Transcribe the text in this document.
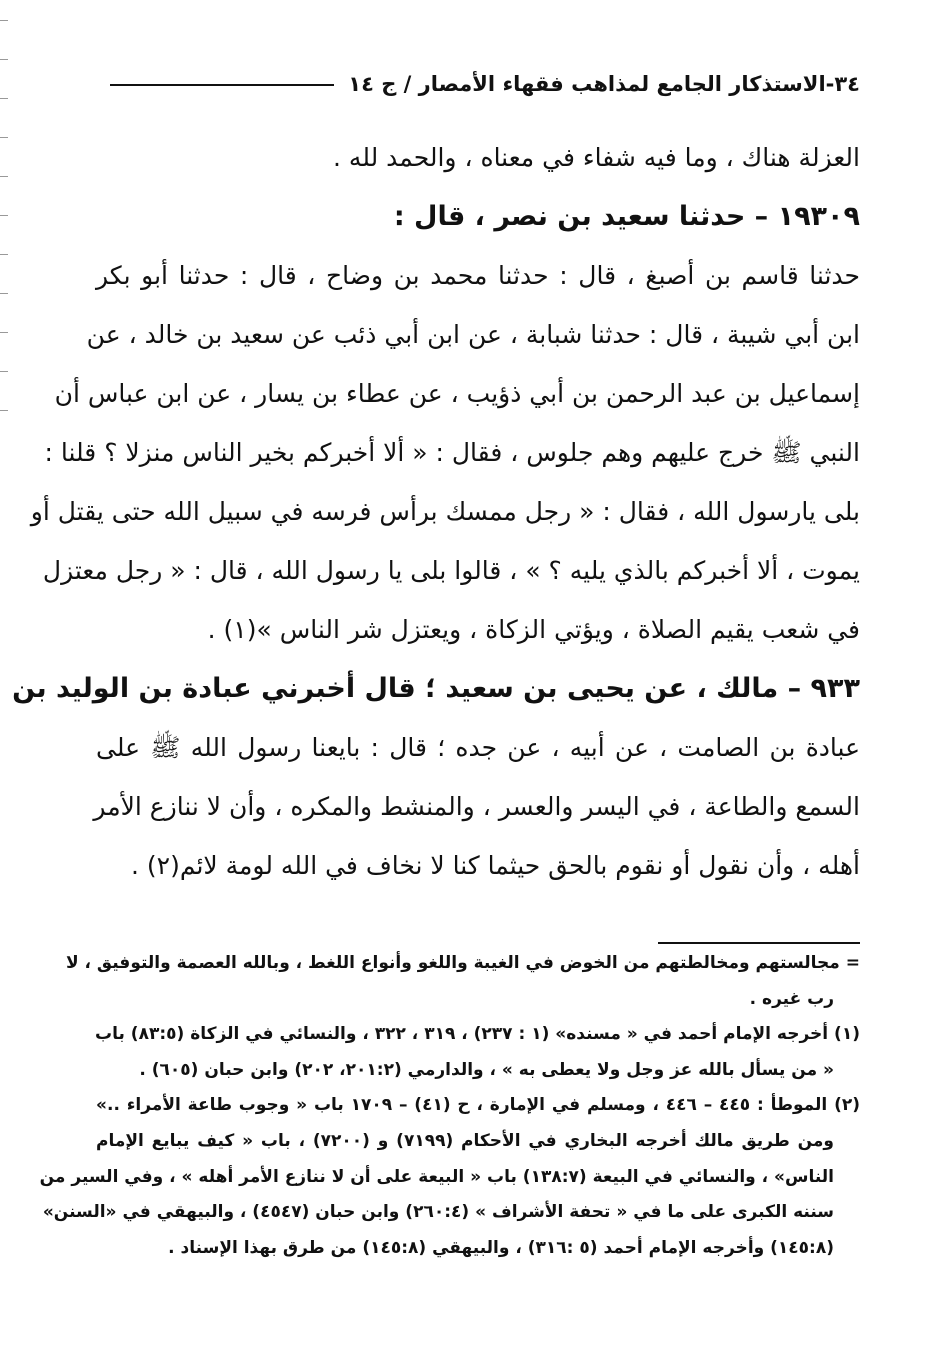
٣٤
-
الاستذكار الجامع لمذاهب فقهاء الأمصار / ج ١٤
العزلة هناك ، وما فيه شفاء في معناه ، والحمد لله .
١٩٣٠٩ – حدثنا سعيد بن نصر ، قال :
حدثنا قاسم بن أصبغ ، قال : حدثنا محمد بن وضاح ، قال : حدثنا أبو بكر
ابن أبي شيبة ، قال : حدثنا شبابة ، عن ابن أبي ذئب عن سعيد بن خالد ، عن
إسماعيل بن عبد الرحمن بن أبي ذؤيب ، عن عطاء بن يسار ، عن ابن عباس أن
النبي ﷺ خرج عليهم وهم جلوس ، فقال : « ألا أخبركم بخير الناس منزلا ؟ قلنا :
بلى يارسول الله ، فقال : « رجل ممسك برأس فرسه في سبيل الله حتى يقتل أو
يموت ، ألا أخبركم بالذي يليه ؟ » ، قالوا بلى يا رسول الله ، قال : « رجل معتزل
في شعب يقيم الصلاة ، ويؤتي الزكاة ، ويعتزل شر الناس »(١) .
٩٣٣ – مالك ، عن يحيى بن سعيد ؛ قال أخبرني عبادة بن الوليد بن
عبادة بن الصامت ، عن أبيه ، عن جده ؛ قال : بايعنا رسول الله ﷺ على
السمع والطاعة ، في اليسر والعسر ، والمنشط والمكره ، وأن لا ننازع الأمر
أهله ، وأن نقول أو نقوم بالحق حيثما كنا لا نخاف في الله لومة لائم(٢) .
= مجالستهم ومخالطتهم من الخوض في الغيبة واللغو وأنواع اللغط ، وبالله العصمة والتوفيق ، لا
رب غيره .
(١) أخرجه الإمام أحمد في « مسنده» (١ : ٢٣٧) ، ٣١٩ ، ٣٢٢ ، والنسائي في الزكاة (٨٣:٥) باب
« من يسأل بالله عز وجل ولا يعطى به » ، والدارمي (٢٠١:٢، ٢٠٢) وابن حبان (٦٠٥) .
(٢) الموطأ : ٤٤٥ – ٤٤٦ ، ومسلم في الإمارة ، ح (٤١) – ١٧٠٩ باب « وجوب طاعة الأمراء ..»
ومن طريق مالك أخرجه البخاري في الأحكام (٧١٩٩) و (٧٢٠٠) ، باب « كيف يبايع الإمام
الناس» ، والنسائي في البيعة (١٣٨:٧) باب « البيعة على أن لا ننازع الأمر أهله » ، وفي السير من
سننه الكبرى على ما في « تحفة الأشراف » (٢٦٠:٤) وابن حبان (٤٥٤٧) ، والبيهقي في «السنن»
(١٤٥:٨) وأخرجه الإمام أحمد (٥ :٣١٦) ، والبيهقي (١٤٥:٨) من طرق بهذا الإسناد .
